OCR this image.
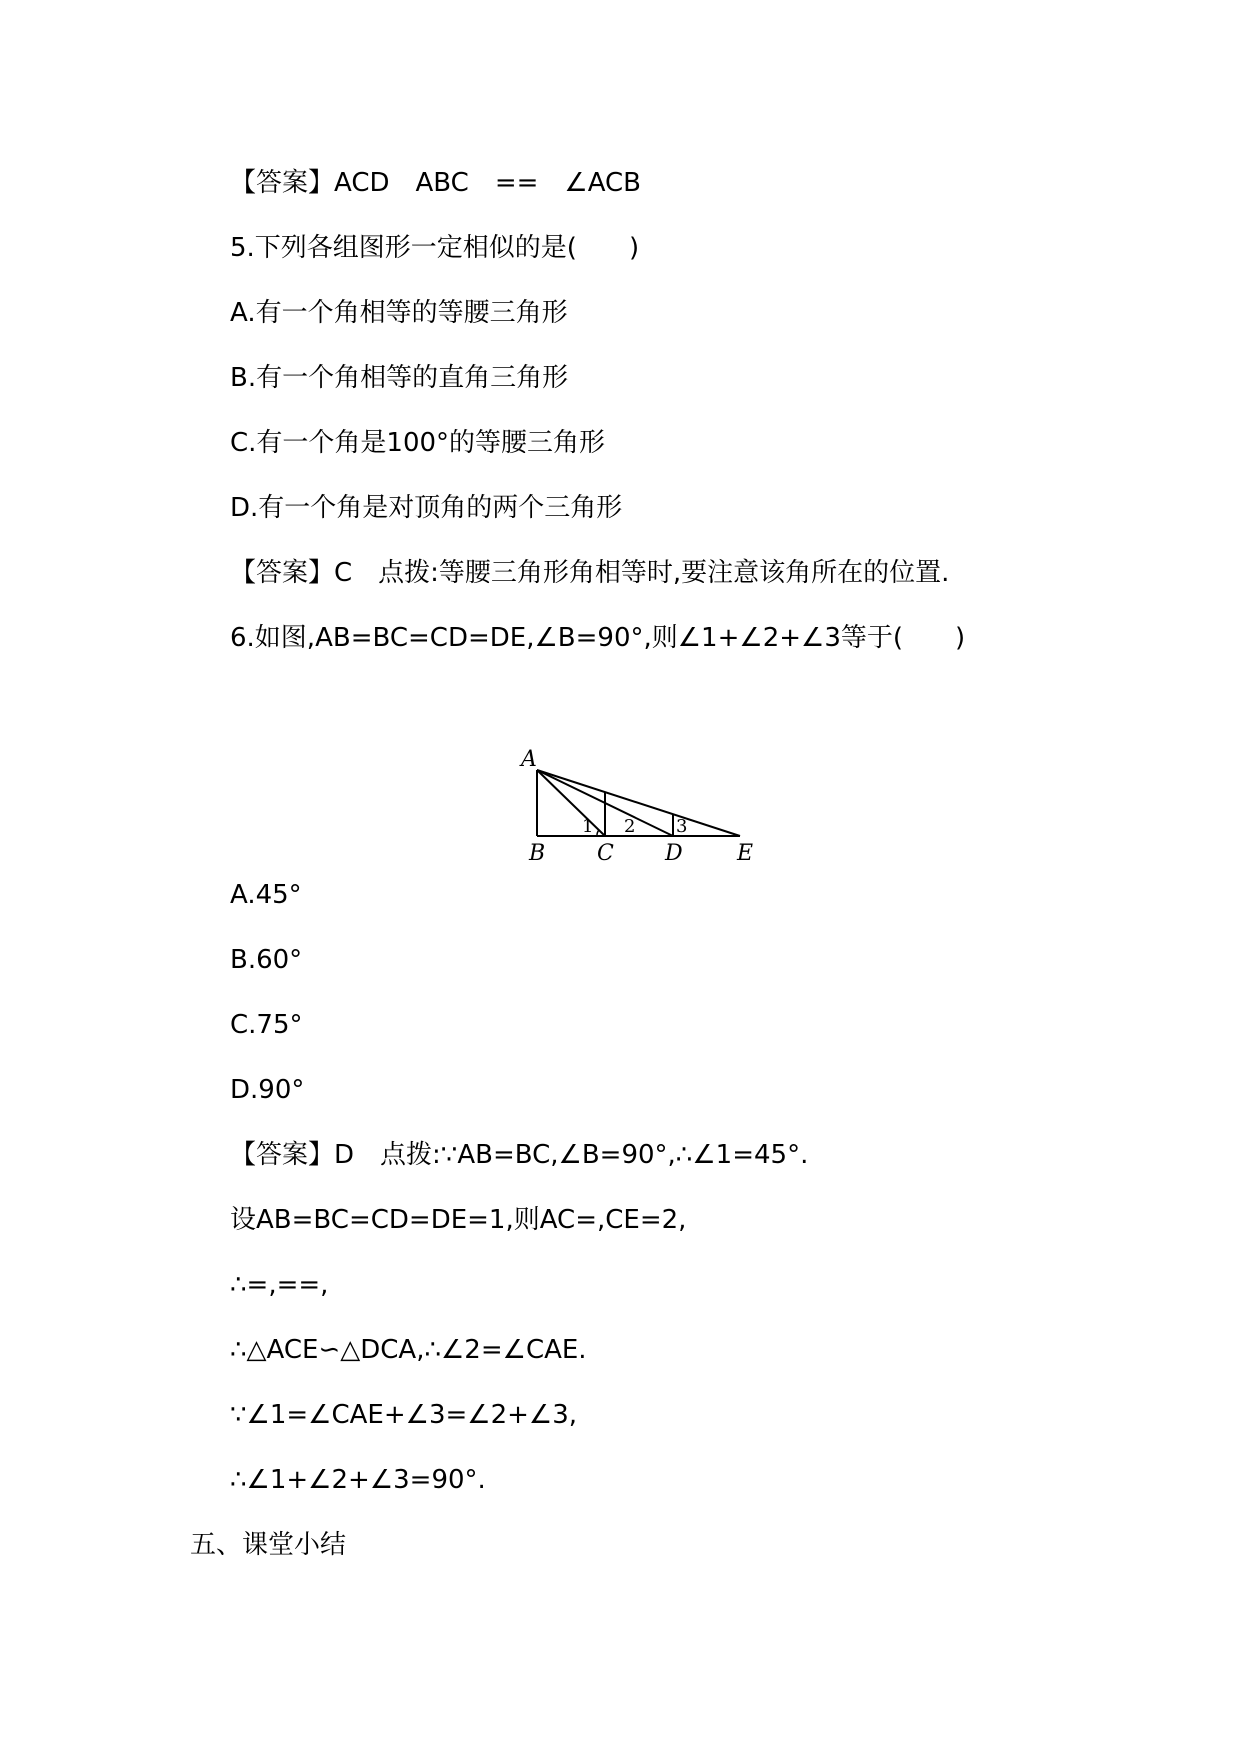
【答案】ACD　ABC　==　∠ACB
5.下列各组图形一定相似的是(　　)
A.有一个角相等的等腰三角形
B.有一个角相等的直角三角形
C.有一个角是100°的等腰三角形
D.有一个角是对顶角的两个三角形
【答案】C　点拨:等腰三角形角相等时,要注意该角所在的位置.
6.如图,AB=BC=CD=DE,∠B=90°,则∠1+∠2+∠3等于(　　)
A
B C D E
1 2 3
A.45°
B.60°
C.75°
D.90°
【答案】D　点拨:∵AB=BC,∠B=90°,∴∠1=45°.
设AB=BC=CD=DE=1,则AC=,CE=2,
∴=,==,
∴△ACE∽△DCA,∴∠2=∠CAE.
∵∠1=∠CAE+∠3=∠2+∠3,
∴∠1+∠2+∠3=90°.
五、课堂小结
